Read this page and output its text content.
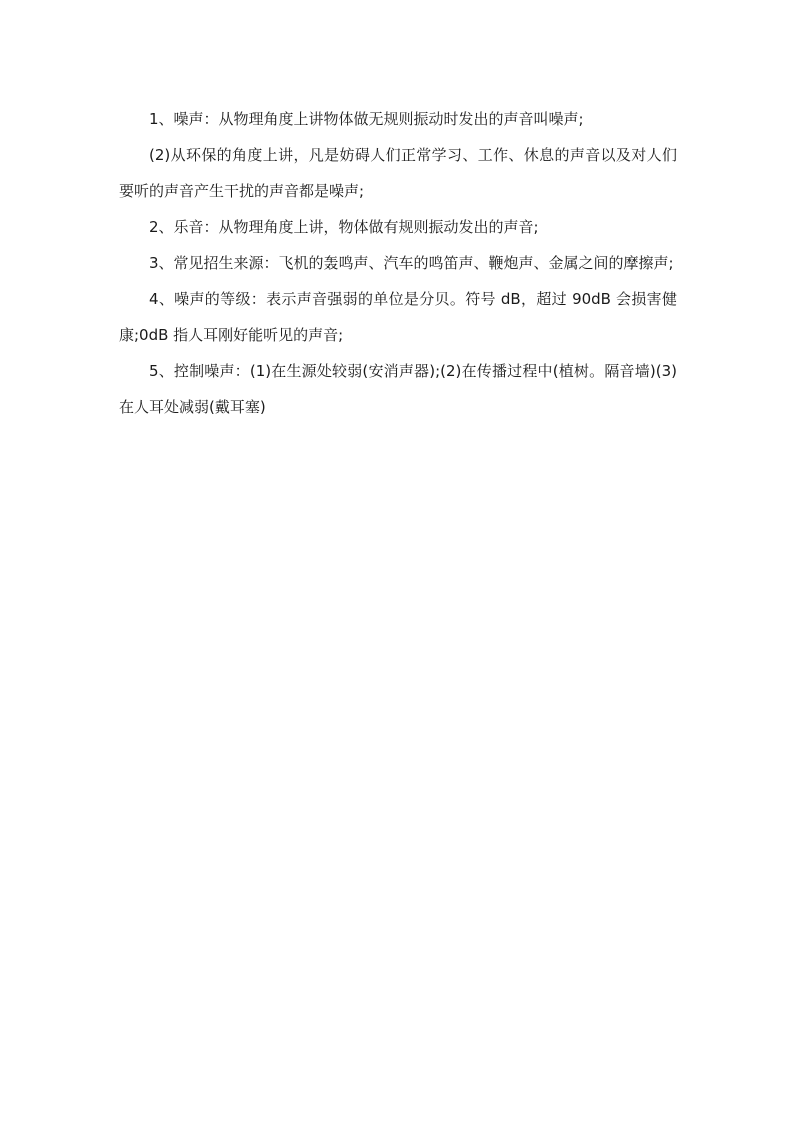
1、噪声：从物理角度上讲物体做无规则振动时发出的声音叫噪声;

(2)从环保的角度上讲，凡是妨碍人们正常学习、工作、休息的声音以及对人们要听的声音产生干扰的声音都是噪声;

2、乐音：从物理角度上讲，物体做有规则振动发出的声音;

3、常见招生来源：飞机的轰鸣声、汽车的鸣笛声、鞭炮声、金属之间的摩擦声;

4、噪声的等级：表示声音强弱的单位是分贝。符号 dB，超过 90dB 会损害健康;0dB 指人耳刚好能听见的声音;

5、控制噪声：(1)在生源处较弱(安消声器);(2)在传播过程中(植树。隔音墙)(3)在人耳处减弱(戴耳塞)
